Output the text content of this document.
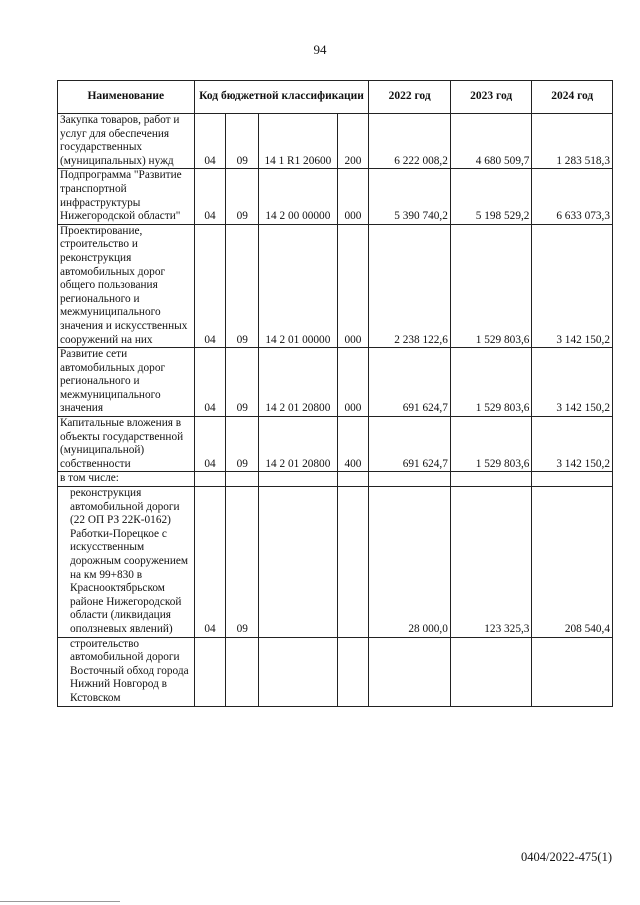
94
Наименование	Код бюджетной классификации				2022 год	2023 год	2024 год
Закупка товаров, работ и услуг для обеспечения государственных (муниципальных) нужд	04	09	14 1 R1 20600	200	6 222 008,2	4 680 509,7	1 283 518,3
Подпрограмма "Развитие транспортной инфраструктуры Нижегородской области"	04	09	14 2 00 00000	000	5 390 740,2	5 198 529,2	6 633 073,3
Проектирование, строительство и реконструкция автомобильных дорог общего пользования регионального и межмуниципального значения и искусственных сооружений на них	04	09	14 2 01 00000	000	2 238 122,6	1 529 803,6	3 142 150,2
Развитие сети автомобильных дорог регионального и межмуниципального значения	04	09	14 2 01 20800	000	691 624,7	1 529 803,6	3 142 150,2
Капитальные вложения в объекты государственной (муниципальной) собственности	04	09	14 2 01 20800	400	691 624,7	1 529 803,6	3 142 150,2
в том числе:							
реконструкция автомобильной дороги (22 ОП РЗ 22К-0162) Работки-Порецкое с искусственным дорожным сооружением на км 99+830 в Краснооктябрьском районе Нижегородской области (ликвидация оползневых явлений)	04	09			28 000,0	123 325,3	208 540,4
строительство автомобильной дороги Восточный обход города Нижний Новгород в Кстовском							
0404/2022-475(1)
